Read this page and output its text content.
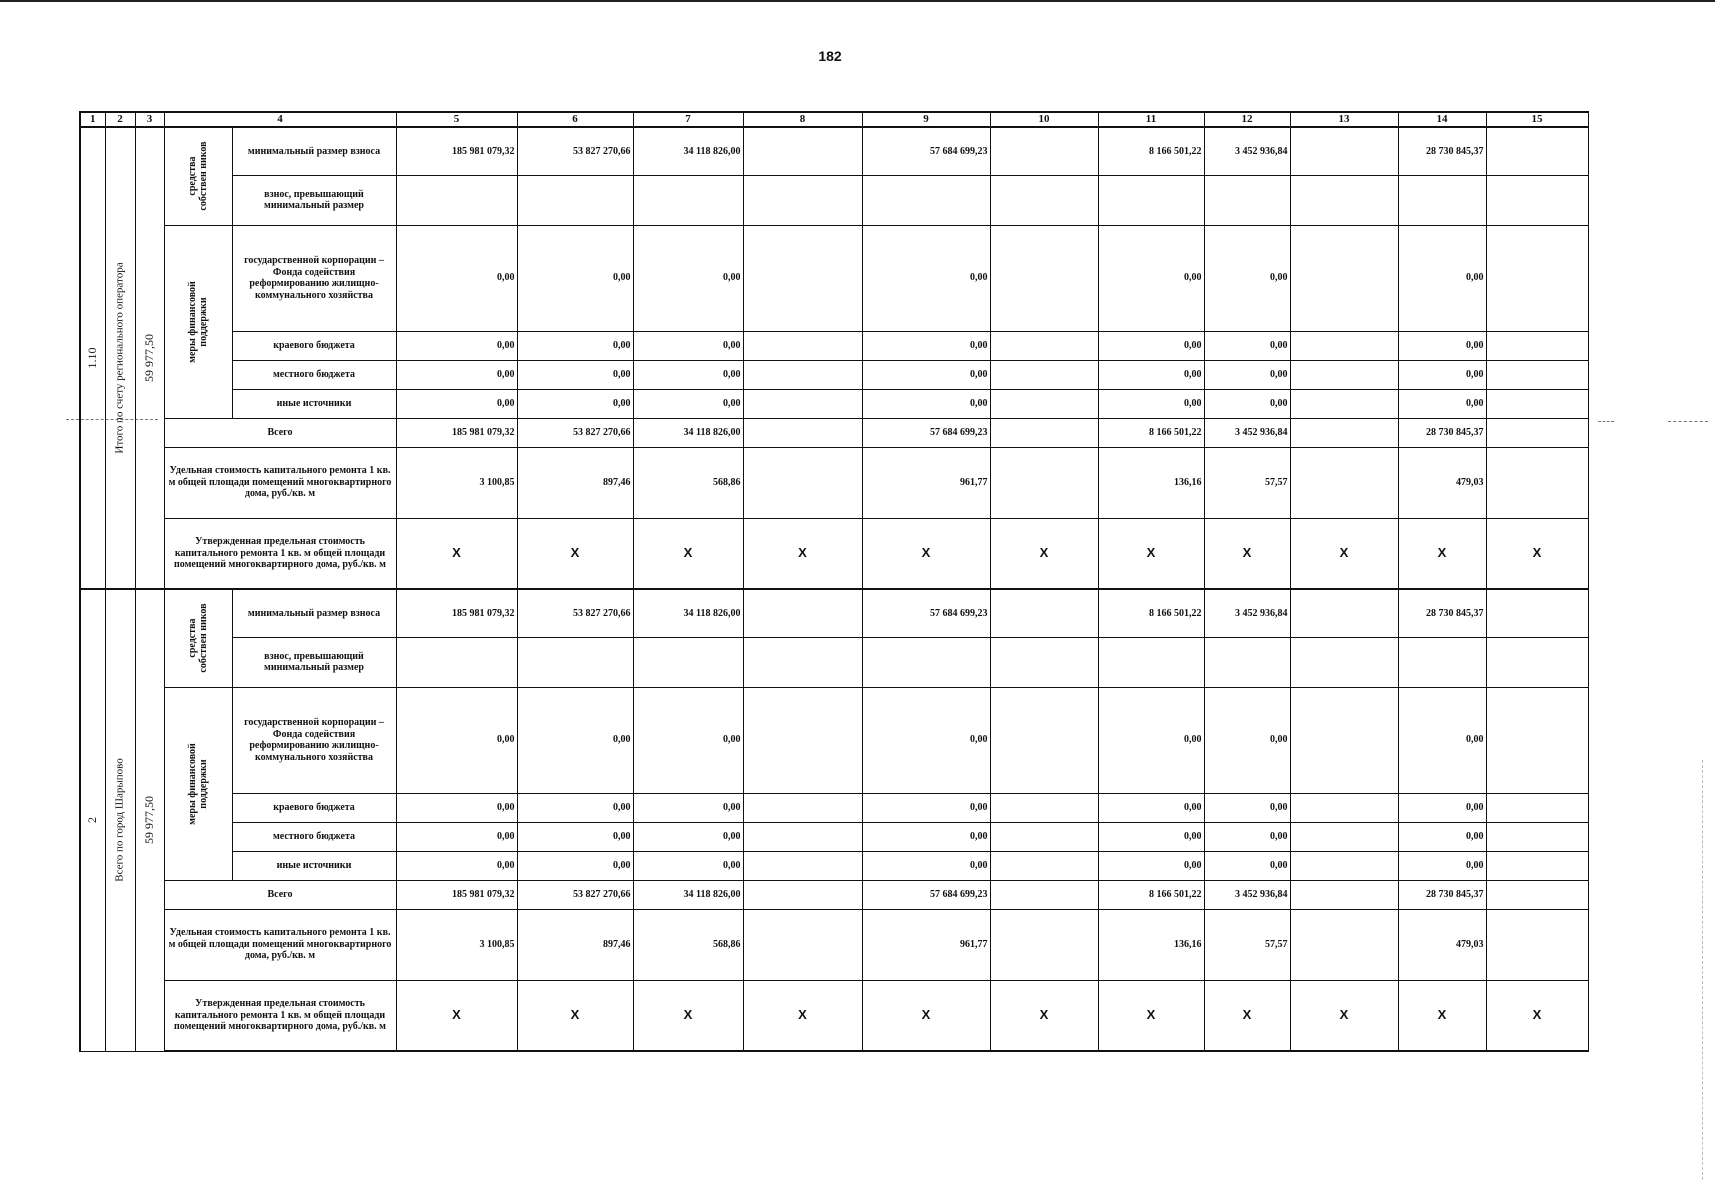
182
1	2	3	4		5	6	7	8	9	10	11	12	13	14	15

1.10	Итого по счету регионального оператора	59 977,50	средства собствен ников	минимальный размер взноса	185 981 079,32	53 827 270,66	34 118 826,00		57 684 699,23		8 166 501,22	3 452 936,84		28 730 845,37	
				взнос, превышающий минимальный размер											

			меры финансовой поддержки	государственной корпорации – Фонда содействия реформированию жилищно-коммунального хозяйства	0,00	0,00	0,00		0,00		0,00	0,00		0,00	
				краевого бюджета	0,00	0,00	0,00		0,00		0,00	0,00		0,00	
				местного бюджета	0,00	0,00	0,00		0,00		0,00	0,00		0,00	
				иные источники	0,00	0,00	0,00		0,00		0,00	0,00		0,00	
			Всего		185 981 079,32	53 827 270,66	34 118 826,00		57 684 699,23		8 166 501,22	3 452 936,84		28 730 845,37	
			Удельная стоимость капитального ремонта 1 кв. м общей площади помещений многоквартирного дома, руб./кв. м		3 100,85	897,46	568,86		961,77		136,16	57,57		479,03	
			Утвержденная предельная стоимость капитального ремонта 1 кв. м общей площади помещений многоквартирного дома, руб./кв. м		Х	Х	Х	Х	Х	Х	Х	Х	Х	Х	Х

2	Всего по город Шарыпово	59 977,50	средства собствен ников	минимальный размер взноса	185 981 079,32	53 827 270,66	34 118 826,00		57 684 699,23		8 166 501,22	3 452 936,84		28 730 845,37	
				взнос, превышающий минимальный размер											

			меры финансовой поддержки	государственной корпорации – Фонда содействия реформированию жилищно-коммунального хозяйства	0,00	0,00	0,00		0,00		0,00	0,00		0,00	
				краевого бюджета	0,00	0,00	0,00		0,00		0,00	0,00		0,00	
				местного бюджета	0,00	0,00	0,00		0,00		0,00	0,00		0,00	
				иные источники	0,00	0,00	0,00		0,00		0,00	0,00		0,00	
			Всего		185 981 079,32	53 827 270,66	34 118 826,00		57 684 699,23		8 166 501,22	3 452 936,84		28 730 845,37	
			Удельная стоимость капитального ремонта 1 кв. м общей площади помещений многоквартирного дома, руб./кв. м		3 100,85	897,46	568,86		961,77		136,16	57,57		479,03	
			Утвержденная предельная стоимость капитального ремонта 1 кв. м общей площади помещений многоквартирного дома, руб./кв. м		Х	Х	Х	Х	Х	Х	Х	Х	Х	Х	Х
